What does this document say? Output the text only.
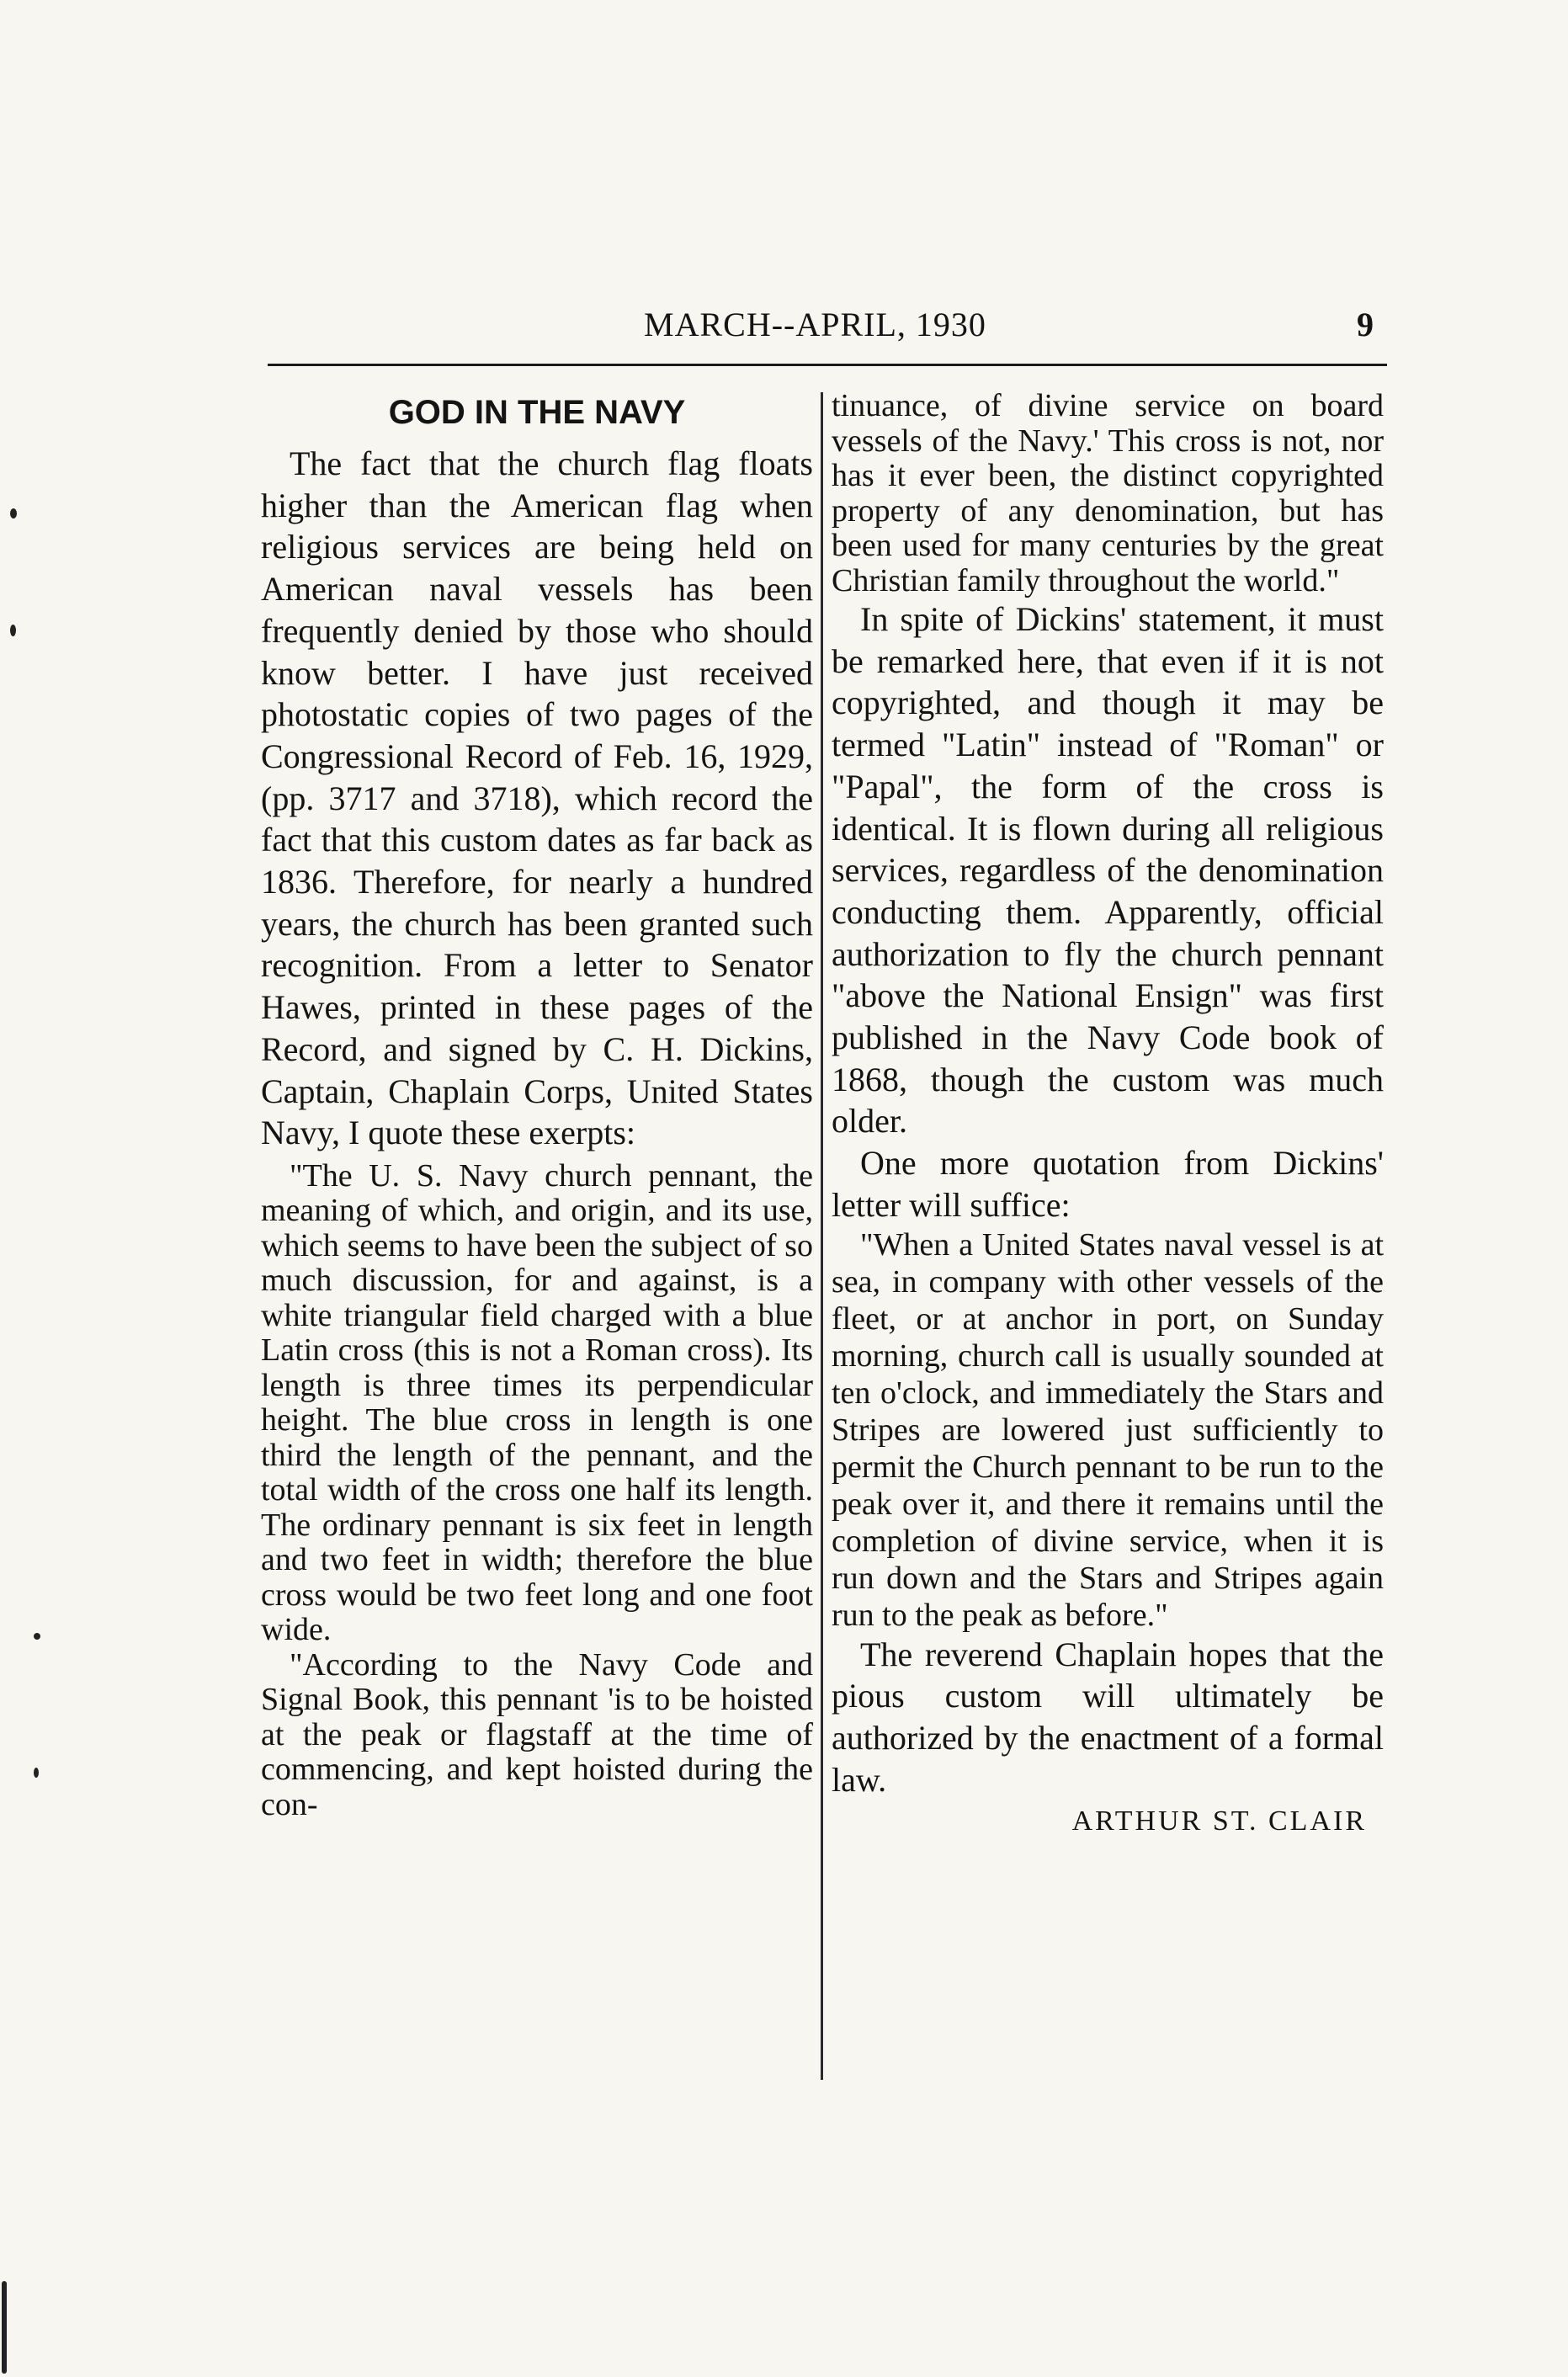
MARCH--APRIL, 1930	9
GOD IN THE NAVY

The fact that the church flag floats higher than the American flag when religious services are being held on American naval vessels has been frequently denied by those who should know better. I have just received photostatic copies of two pages of the Congressional Record of Feb. 16, 1929, (pp. 3717 and 3718), which record the fact that this custom dates as far back as 1836. Therefore, for nearly a hundred years, the church has been granted such recognition. From a letter to Senator Hawes, printed in these pages of the Record, and signed by C. H. Dickins, Captain, Chaplain Corps, United States Navy, I quote these exerpts:

"The U. S. Navy church pennant, the meaning of which, and origin, and its use, which seems to have been the subject of so much discussion, for and against, is a white triangular field charged with a blue Latin cross (this is not a Roman cross). Its length is three times its perpendicular height. The blue cross in length is one third the length of the pennant, and the total width of the cross one half its length. The ordinary pennant is six feet in length and two feet in width; therefore the blue cross would be two feet long and one foot wide.

"According to the Navy Code and Signal Book, this pennant 'is to be hoisted at the peak or flagstaff at the time of commencing, and kept hoisted during the con-

tinuance, of divine service on board vessels of the Navy.' This cross is not, nor has it ever been, the distinct copyrighted property of any denomination, but has been used for many centuries by the great Christian family throughout the world."

In spite of Dickins' statement, it must be remarked here, that even if it is not copyrighted, and though it may be termed "Latin" instead of "Roman" or "Papal", the form of the cross is identical. It is flown during all religious services, regardless of the denomination conducting them. Apparently, official authorization to fly the church pennant "above the National Ensign" was first published in the Navy Code book of 1868, though the custom was much older.

One more quotation from Dickins' letter will suffice:

"When a United States naval vessel is at sea, in company with other vessels of the fleet, or at anchor in port, on Sunday morning, church call is usually sounded at ten o'clock, and immediately the Stars and Stripes are lowered just sufficiently to permit the Church pennant to be run to the peak over it, and there it remains until the completion of divine service, when it is run down and the Stars and Stripes again run to the peak as before."

The reverend Chaplain hopes that the pious custom will ultimately be authorized by the enactment of a formal law.

ARTHUR ST. CLAIR
